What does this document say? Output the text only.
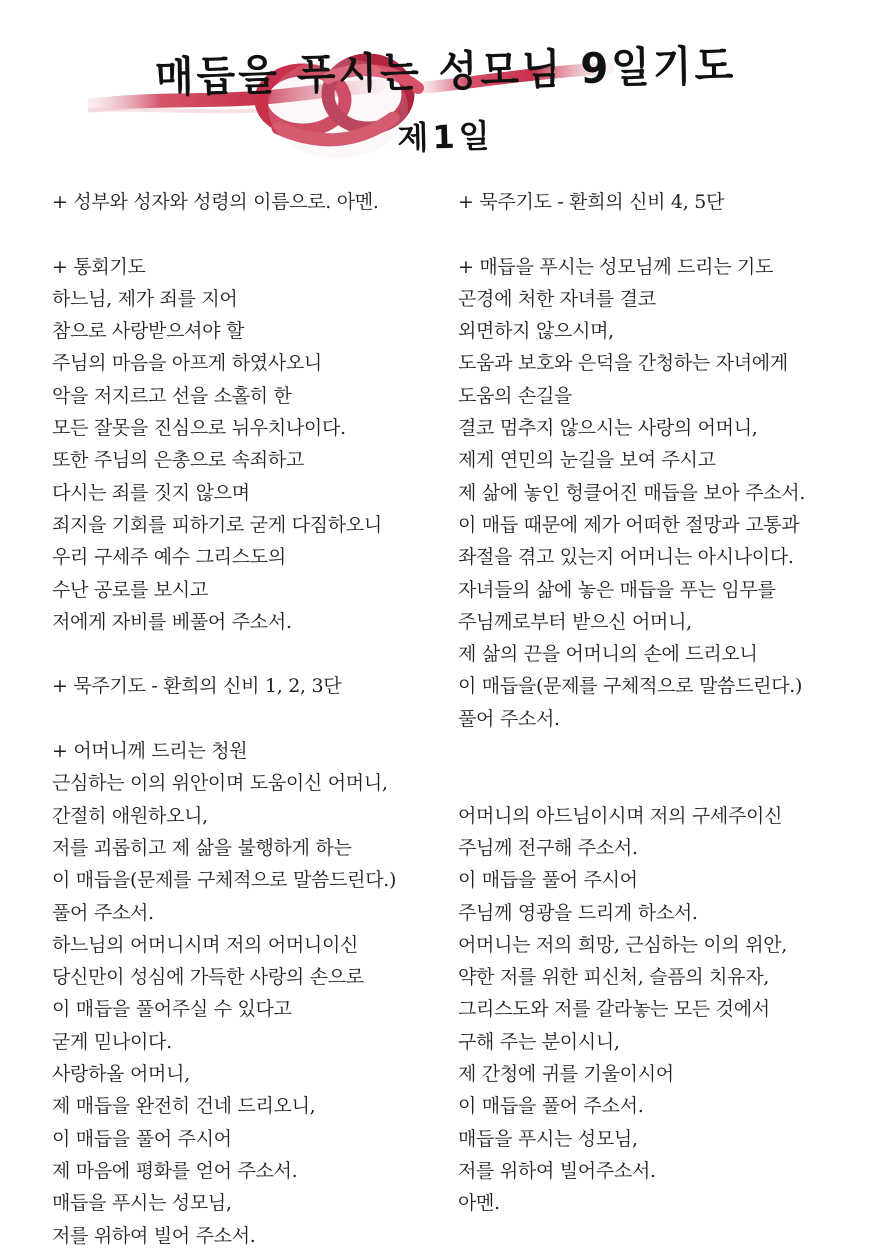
매듭을 푸시는 성모님 9일기도
제1일
+ 성부와 성자와 성령의 이름으로. 아멘.
+ 통회기도
하느님, 제가 죄를 지어
참으로 사랑받으셔야 할
주님의 마음을 아프게 하였사오니
악을 저지르고 선을 소홀히 한
모든 잘못을 진심으로 뉘우치나이다.
또한 주님의 은총으로 속죄하고
다시는 죄를 짓지 않으며
죄지을 기회를 피하기로 굳게 다짐하오니
우리 구세주 예수 그리스도의
수난 공로를 보시고
저에게 자비를 베풀어 주소서.
+ 묵주기도 - 환희의 신비 1, 2, 3단
+ 어머니께 드리는 청원
근심하는 이의 위안이며 도움이신 어머니,
간절히 애원하오니,
저를 괴롭히고 제 삶을 불행하게 하는
이 매듭을(문제를 구체적으로 말씀드린다.)
풀어 주소서.
하느님의 어머니시며 저의 어머니이신
당신만이 성심에 가득한 사랑의 손으로
이 매듭을 풀어주실 수 있다고
굳게 믿나이다.
사랑하올 어머니,
제 매듭을 완전히 건네 드리오니,
이 매듭을 풀어 주시어
제 마음에 평화를 얻어 주소서.
매듭을 푸시는 성모님,
저를 위하여 빌어 주소서.
+ 묵주기도 - 환희의 신비 4, 5단
+ 매듭을 푸시는 성모님께 드리는 기도
곤경에 처한 자녀를 결코
외면하지 않으시며,
도움과 보호와 은덕을 간청하는 자녀에게
도움의 손길을
결코 멈추지 않으시는 사랑의 어머니,
제게 연민의 눈길을 보여 주시고
제 삶에 놓인 헝클어진 매듭을 보아 주소서.
이 매듭 때문에 제가 어떠한 절망과 고통과
좌절을 겪고 있는지 어머니는 아시나이다.
자녀들의 삶에 놓은 매듭을 푸는 임무를
주님께로부터 받으신 어머니,
제 삶의 끈을 어머니의 손에 드리오니
이 매듭을(문제를 구체적으로 말씀드린다.)
풀어 주소서.
어머니의 아드님이시며 저의 구세주이신
주님께 전구해 주소서.
이 매듭을 풀어 주시어
주님께 영광을 드리게 하소서.
어머니는 저의 희망, 근심하는 이의 위안,
약한 저를 위한 피신처, 슬픔의 치유자,
그리스도와 저를 갈라놓는 모든 것에서
구해 주는 분이시니,
제 간청에 귀를 기울이시어
이 매듭을 풀어 주소서.
매듭을 푸시는 성모님,
저를 위하여 빌어주소서.
아멘.
